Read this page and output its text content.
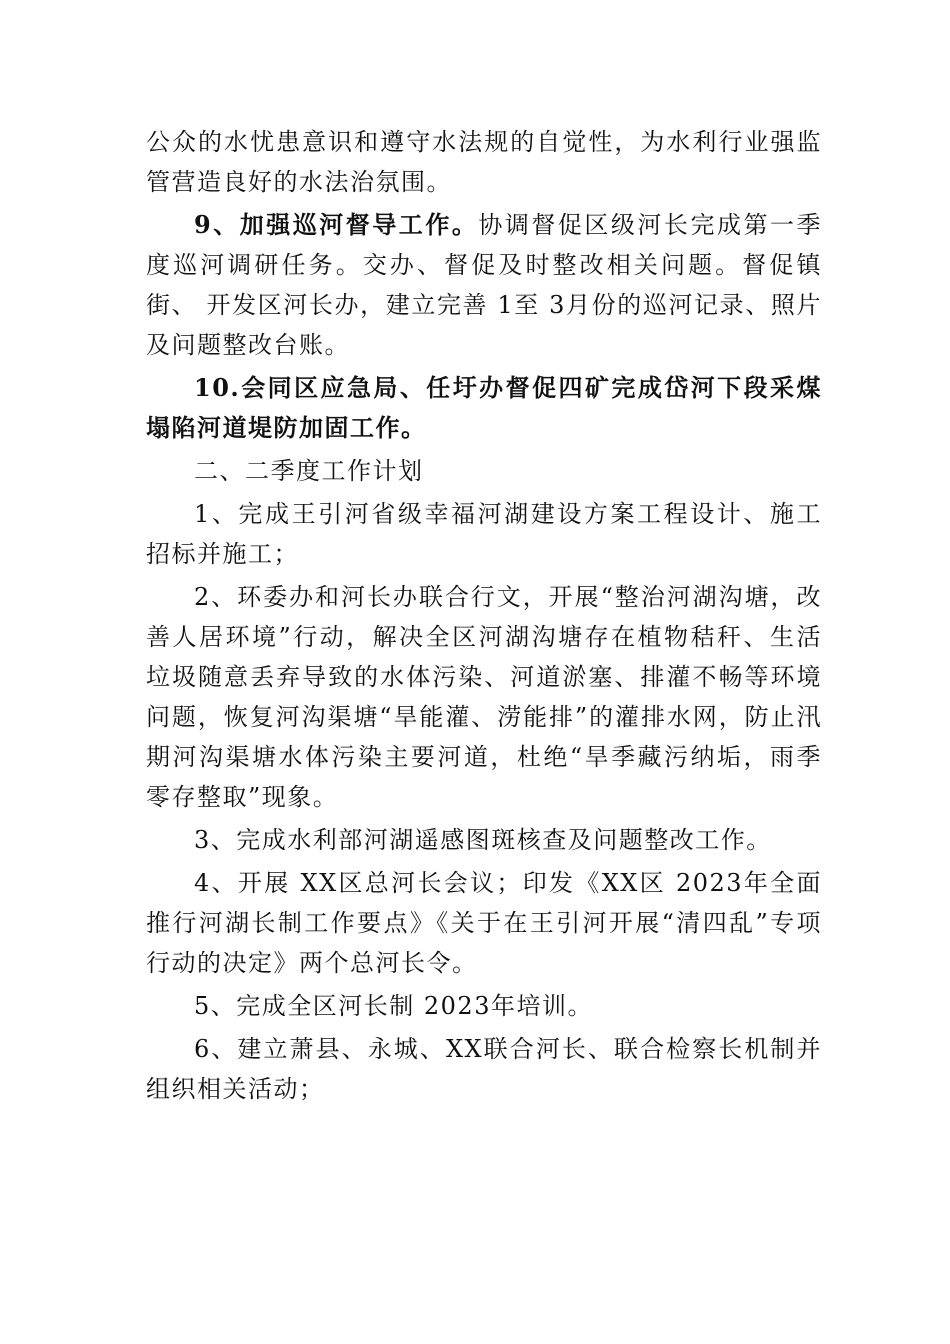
公众的水忧患意识和遵守水法规的自觉性，为水利行业强监管营造良好的水法治氛围。

9、加强巡河督导工作。协调督促区级河长完成第一季度巡河调研任务。交办、督促及时整改相关问题。督促镇街、 开发区河长办，建立完善 1至 3月份的巡河记录、照片及问题整改台账。

10.会同区应急局、任圩办督促四矿完成岱河下段采煤塌陷河道堤防加固工作。

二、二季度工作计划

1、完成王引河省级幸福河湖建设方案工程设计、施工招标并施工；

2、环委办和河长办联合行文，开展“整治河湖沟塘，改善人居环境”行动，解决全区河湖沟塘存在植物秸秆、生活垃圾随意丢弃导致的水体污染、河道淤塞、排灌不畅等环境问题，恢复河沟渠塘“旱能灌、涝能排”的灌排水网，防止汛期河沟渠塘水体污染主要河道，杜绝“旱季藏污纳垢，雨季零存整取”现象。

3、完成水利部河湖遥感图斑核查及问题整改工作。

4、开展 XX区总河长会议；印发《XX区 2023年全面推行河湖长制工作要点》《关于在王引河开展“清四乱”专项行动的决定》两个总河长令。

5、完成全区河长制 2023年培训。

6、建立萧县、永城、XX联合河长、联合检察长机制并组织相关活动；
